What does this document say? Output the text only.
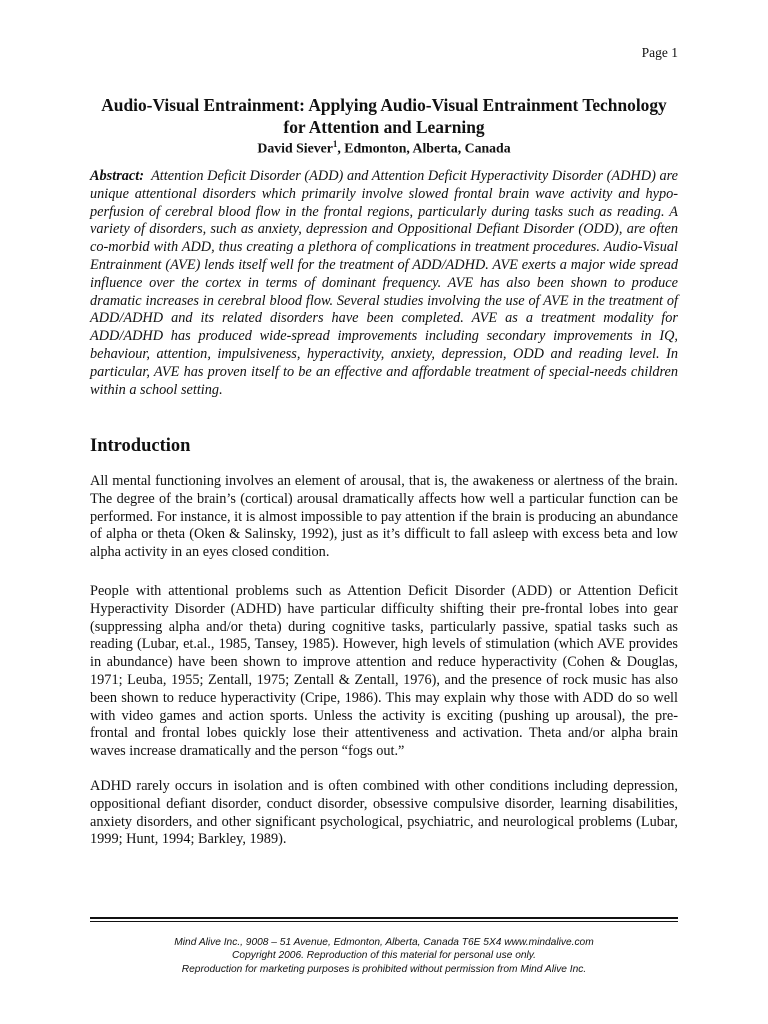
Page 1
Audio-Visual Entrainment: Applying Audio-Visual Entrainment Technology
for Attention and Learning
David Siever$^1$, Edmonton, Alberta, Canada
Abstract: Attention Deficit Disorder (ADD) and Attention Deficit Hyperactivity Disorder (ADHD) are unique attentional disorders which primarily involve slowed frontal brain wave activity and hypo-perfusion of cerebral blood flow in the frontal regions, particularly during tasks such as reading. A variety of disorders, such as anxiety, depression and Oppositional Defiant Disorder (ODD), are often co-morbid with ADD, thus creating a plethora of complications in treatment procedures. Audio-Visual Entrainment (AVE) lends itself well for the treatment of ADD/ADHD. AVE exerts a major wide spread influence over the cortex in terms of dominant frequency. AVE has also been shown to produce dramatic increases in cerebral blood flow. Several studies involving the use of AVE in the treatment of ADD/ADHD and its related disorders have been completed. AVE as a treatment modality for ADD/ADHD has produced wide-spread improvements including secondary improvements in IQ, behaviour, attention, impulsiveness, hyperactivity, anxiety, depression, ODD and reading level. In particular, AVE has proven itself to be an effective and affordable treatment of special-needs children within a school setting.
Introduction
All mental functioning involves an element of arousal, that is, the awakeness or alertness of the brain. The degree of the brain’s (cortical) arousal dramatically affects how well a particular function can be performed. For instance, it is almost impossible to pay attention if the brain is producing an abundance of alpha or theta (Oken & Salinsky, 1992), just as it’s difficult to fall asleep with excess beta and low alpha activity in an eyes closed condition.
People with attentional problems such as Attention Deficit Disorder (ADD) or Attention Deficit Hyperactivity Disorder (ADHD) have particular difficulty shifting their pre-frontal lobes into gear (suppressing alpha and/or theta) during cognitive tasks, particularly passive, spatial tasks such as reading (Lubar, et.al., 1985, Tansey, 1985). However, high levels of stimulation (which AVE provides in abundance) have been shown to improve attention and reduce hyperactivity (Cohen & Douglas, 1971; Leuba, 1955; Zentall, 1975; Zentall & Zentall, 1976), and the presence of rock music has also been shown to reduce hyperactivity (Cripe, 1986). This may explain why those with ADD do so well with video games and action sports. Unless the activity is exciting (pushing up arousal), the pre-frontal and frontal lobes quickly lose their attentiveness and activation. Theta and/or alpha brain waves increase dramatically and the person “fogs out.”
ADHD rarely occurs in isolation and is often combined with other conditions including depression, oppositional defiant disorder, conduct disorder, obsessive compulsive disorder, learning disabilities, anxiety disorders, and other significant psychological, psychiatric, and neurological problems (Lubar, 1999; Hunt, 1994; Barkley, 1989).
Mind Alive Inc., 9008 – 51 Avenue, Edmonton, Alberta, Canada T6E 5X4 www.mindalive.com
Copyright 2006. Reproduction of this material for personal use only.
Reproduction for marketing purposes is prohibited without permission from Mind Alive Inc.
